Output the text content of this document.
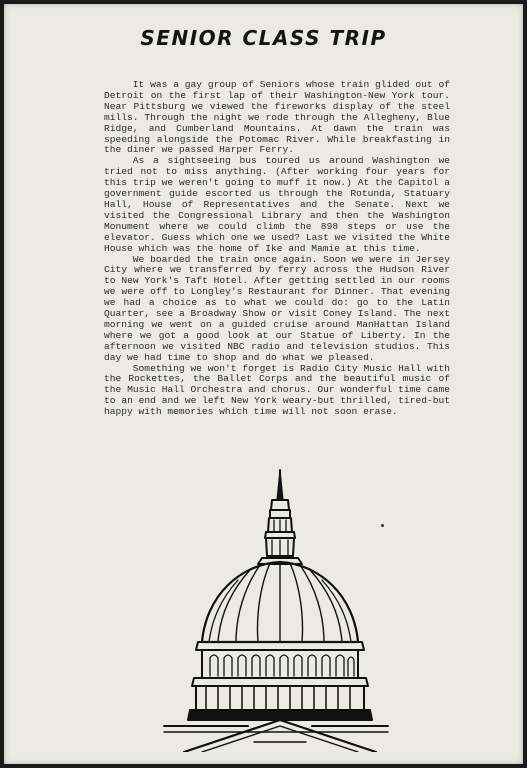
SENIOR CLASS TRIP

It was a gay group of Seniors whose train glided out of Detroit on the first lap of their Washington-New York tour. Near Pittsburg we viewed the fireworks display of the steel mills. Through the night we rode through the Allegheny, Blue Ridge, and Cumberland Mountains. At dawn the train was speeding alongside the Potomac River. While breakfasting in the diner we passed Harper Ferry.

As a sightseeing bus toured us around Washington we tried not to miss anything. (After working four years for this trip we weren't going to muff it now.) At the Capitol a government guide escorted us through the Rotunda, Statuary Hall, House of Representatives and the Senate. Next we visited the Congressional Library and then the Washington Monument where we could climb the 898 steps or use the elevator. Guess which one we used? Last we visited the White House which was the home of Ike and Mamie at this time.

We boarded the train once again. Soon we were in Jersey City where we transferred by ferry across the Hudson River to New York's Taft Hotel. After getting settled in our rooms we were off to Longley's Restaurant for Dinner. That evening we had a choice as to what we could do: go to the Latin Quarter, see a Broadway Show or visit Coney Island. The next morning we went on a guided cruise around ManHattan Island where we got a good look at our Statue of Liberty. In the afternoon we visited NBC radio and television studios. This day we had time to shop and do what we pleased.

Something we won't forget is Radio City Music Hall with the Rockettes, the Ballet Corps and the beautiful music of the Music Hall Orchestra and chorus. Our wonderful time came to an end and we left New York weary-but thrilled, tired-but happy with memories which time will not soon erase.
